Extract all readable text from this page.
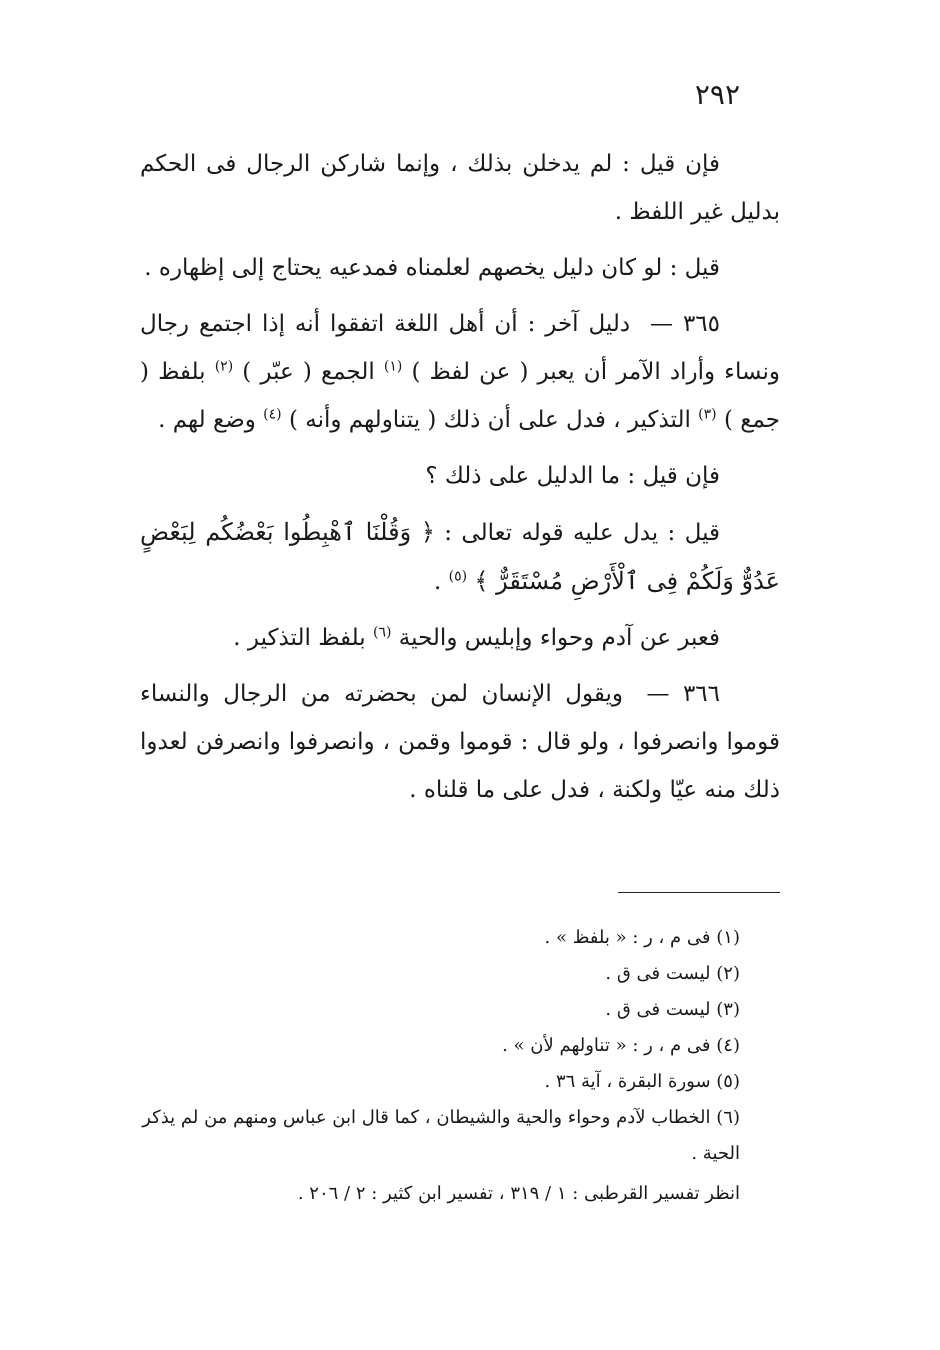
٢٩٢

فإن قيل : لم يدخلن بذلك ، وإنما شاركن الرجال فى الحكم بدليل غير اللفظ .

قيل : لو كان دليل يخصهم لعلمناه فمدعيه يحتاج إلى إظهاره .

٣٦٥ — دليل آخر : أن أهل اللغة اتفقوا أنه إذا اجتمع رجال ونساء وأراد الآمر أن يعبر ( عن لفظ ) $^{(١)}$ الجمع ( عبّر ) $^{(٢)}$ بلفظ ( جمع ) $^{(٣)}$ التذكير ، فدل على أن ذلك ( يتناولهم وأنه ) $^{(٤)}$ وضع لهم .

فإن قيل : ما الدليل على ذلك ؟

قيل : يدل عليه قوله تعالى : ﴿ وَقُلْنَا ٱهْبِطُوا بَعْضُكُم لِبَعْضٍ عَدُوٌّ وَلَكُمْ فِى ٱلْأَرْضِ مُسْتَقَرٌّ ﴾ $^{(٥)}$ .

فعبر عن آدم وحواء وإبليس والحية $^{(٦)}$ بلفظ التذكير .

٣٦٦ — ويقول الإنسان لمن بحضرته من الرجال والنساء قوموا وانصرفوا ، ولو قال : قوموا وقمن ، وانصرفوا وانصرفن لعدوا ذلك منه عيّا ولكنة ، فدل على ما قلناه .

(١) فى م ، ر : « بلفظ » .

(٢) ليست فى ق .

(٣) ليست فى ق .

(٤) فى م ، ر : « تناولهم لأن » .

(٥) سورة البقرة ، آية ٣٦ .

(٦) الخطاب لآدم وحواء والحية والشيطان ، كما قال ابن عباس ومنهم من لم يذكر الحية .

انظر تفسير القرطبى : ١ / ٣١٩ ، تفسير ابن كثير : ٢ / ٢٠٦ .
